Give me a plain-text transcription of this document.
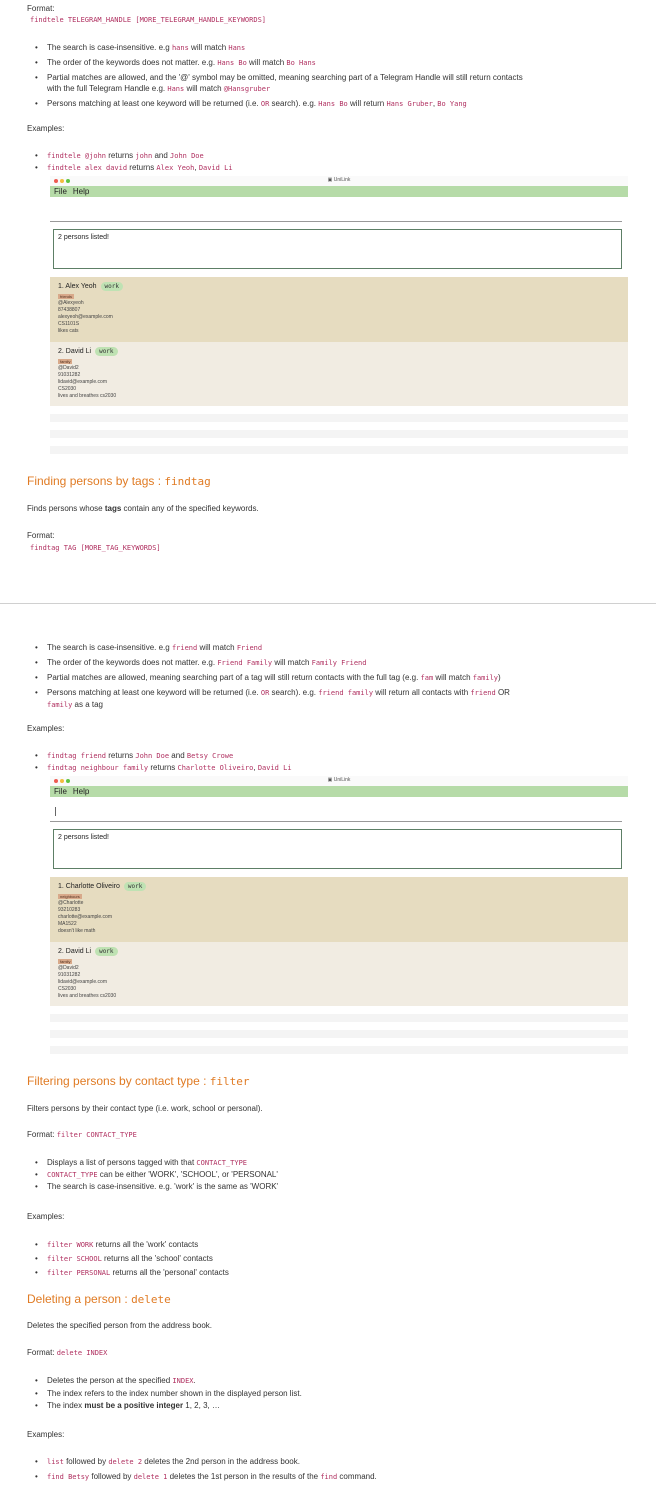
Format:
findtele TELEGRAM_HANDLE [MORE_TELEGRAM_HANDLE_KEYWORDS]
• The search is case-insensitive. e.g hans will match Hans
• The order of the keywords does not matter. e.g. Hans Bo will match Bo Hans
• Partial matches are allowed, and the '@' symbol may be omitted, meaning searching part of a Telegram Handle will still return contacts
with the full Telegram Handle e.g. Hans will match @Hansgruber
• Persons matching at least one keyword will be returned (i.e. OR search). e.g. Hans Bo will return Hans Gruber, Bo Yang
Examples:
• findtele @john returns john and John Doe
• findtele alex david returns Alex Yeoh, David Li
▣ UniLink
File Help
2 persons listed!
1. Alex Yeoh work
friends
@Alexyeoh
87438807
alexyeoh@example.com
CS1101S
likes cats
2. David Li work
family
@David2
91031282
lidavid@example.com
CS2030
lives and breathes cs2030
Finding persons by tags : findtag
Finds persons whose tags contain any of the specified keywords.
Format:
findtag TAG [MORE_TAG_KEYWORDS]
• The search is case-insensitive. e.g friend will match Friend
• The order of the keywords does not matter. e.g. Friend Family will match Family Friend
• Partial matches are allowed, meaning searching part of a tag will still return contacts with the full tag (e.g. fam will match family)
• Persons matching at least one keyword will be returned (i.e. OR search). e.g. friend family will return all contacts with friend OR
family as a tag
Examples:
• findtag friend returns John Doe and Betsy Crowe
• findtag neighbour family returns Charlotte Oliveiro, David Li
▣ UniLink
File Help
2 persons listed!
1. Charlotte Oliveiro work
neighbours
@Charlotte
93210283
charlotte@example.com
MA1522
doesn't like math
2. David Li work
family
@David2
91031282
lidavid@example.com
CS2030
lives and breathes cs2030
Filtering persons by contact type : filter
Filters persons by their contact type (i.e. work, school or personal).
Format: filter CONTACT_TYPE
• Displays a list of persons tagged with that CONTACT_TYPE
• CONTACT_TYPE can be either 'WORK', 'SCHOOL', or 'PERSONAL'
• The search is case-insensitive. e.g. 'work' is the same as 'WORK'
Examples:
• filter WORK returns all the 'work' contacts
• filter SCHOOL returns all the 'school' contacts
• filter PERSONAL returns all the 'personal' contacts
Deleting a person : delete
Deletes the specified person from the address book.
Format: delete INDEX
• Deletes the person at the specified INDEX.
• The index refers to the index number shown in the displayed person list.
• The index must be a positive integer 1, 2, 3, …
Examples:
• list followed by delete 2 deletes the 2nd person in the address book.
• find Betsy followed by delete 1 deletes the 1st person in the results of the find command.
